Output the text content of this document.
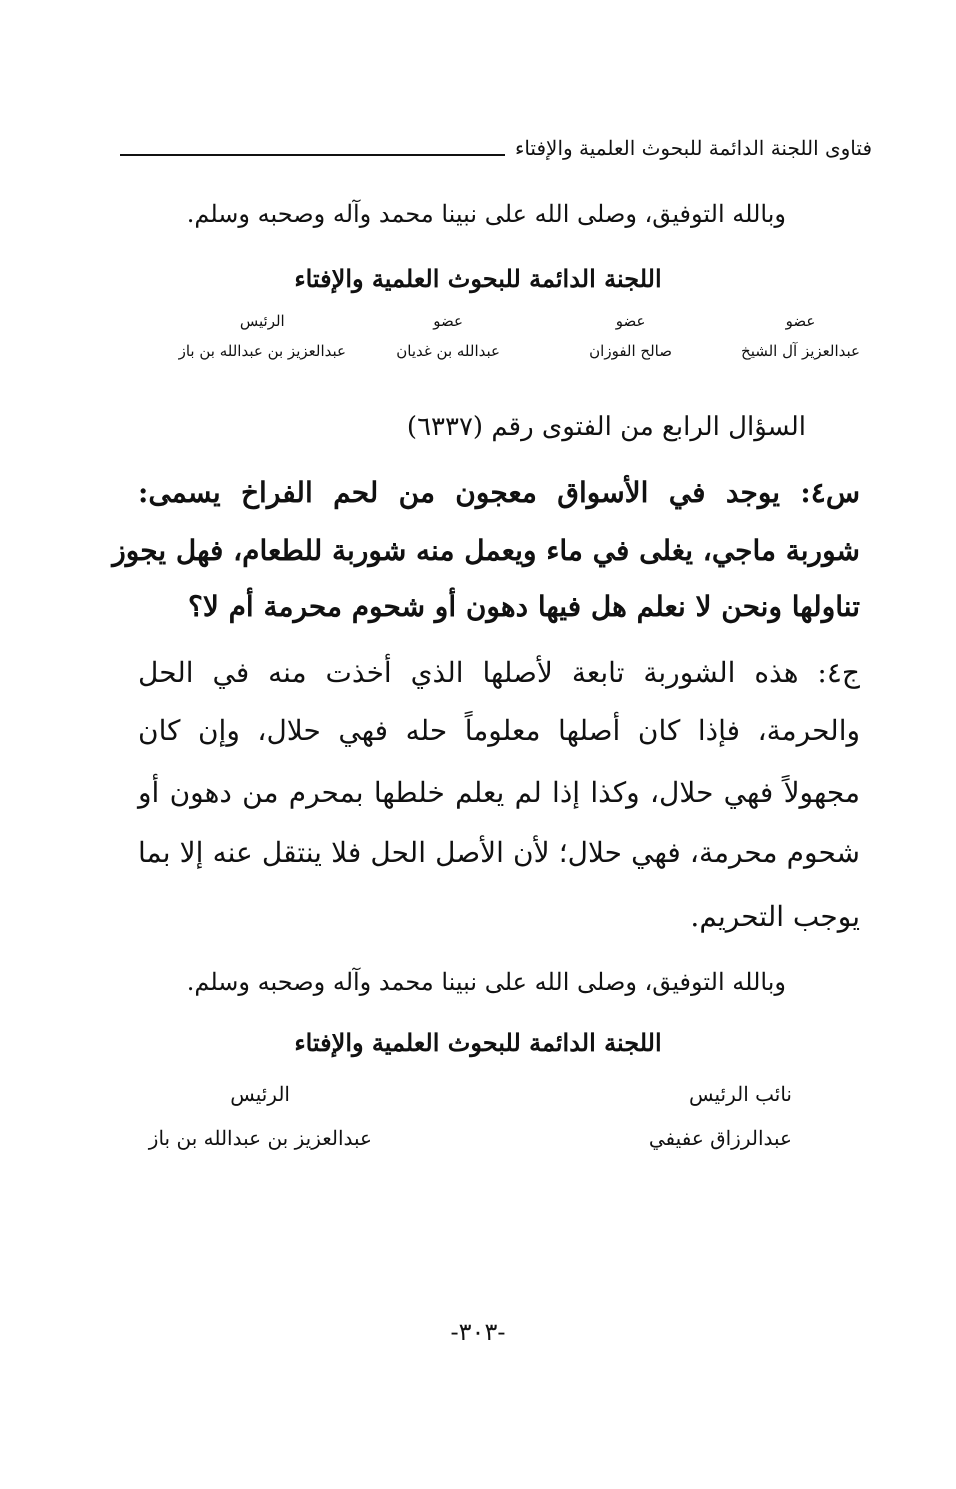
فتاوى اللجنة الدائمة للبحوث العلمية والإفتاء
وبالله التوفيق، وصلى الله على نبينا محمد وآله وصحبه وسلم.
اللجنة الدائمة للبحوث العلمية والإفتاء
عضو
عبدالعزيز آل الشيخ
عضو
صالح الفوزان
عضو
عبدالله بن غديان
الرئيس
عبدالعزيز بن عبدالله بن باز
السؤال الرابع من الفتوى رقم (٦٣٣٧)
س٤: يوجد في الأسواق معجون من لحم الفراخ يسمى:
شوربة ماجي، يغلى في ماء ويعمل منه شوربة للطعام، فهل يجوز
تناولها ونحن لا نعلم هل فيها دهون أو شحوم محرمة أم لا؟
ج٤: هذه الشوربة تابعة لأصلها الذي أخذت منه في الحل
والحرمة، فإذا كان أصلها معلوماً حله فهي حلال، وإن كان
مجهولاً فهي حلال، وكذا إذا لم يعلم خلطها بمحرم من دهون أو
شحوم محرمة، فهي حلال؛ لأن الأصل الحل فلا ينتقل عنه إلا بما
يوجب التحريم.
وبالله التوفيق، وصلى الله على نبينا محمد وآله وصحبه وسلم.
اللجنة الدائمة للبحوث العلمية والإفتاء
نائب الرئيس
عبدالرزاق عفيفي
الرئيس
عبدالعزيز بن عبدالله بن باز
-٣٠٣-
